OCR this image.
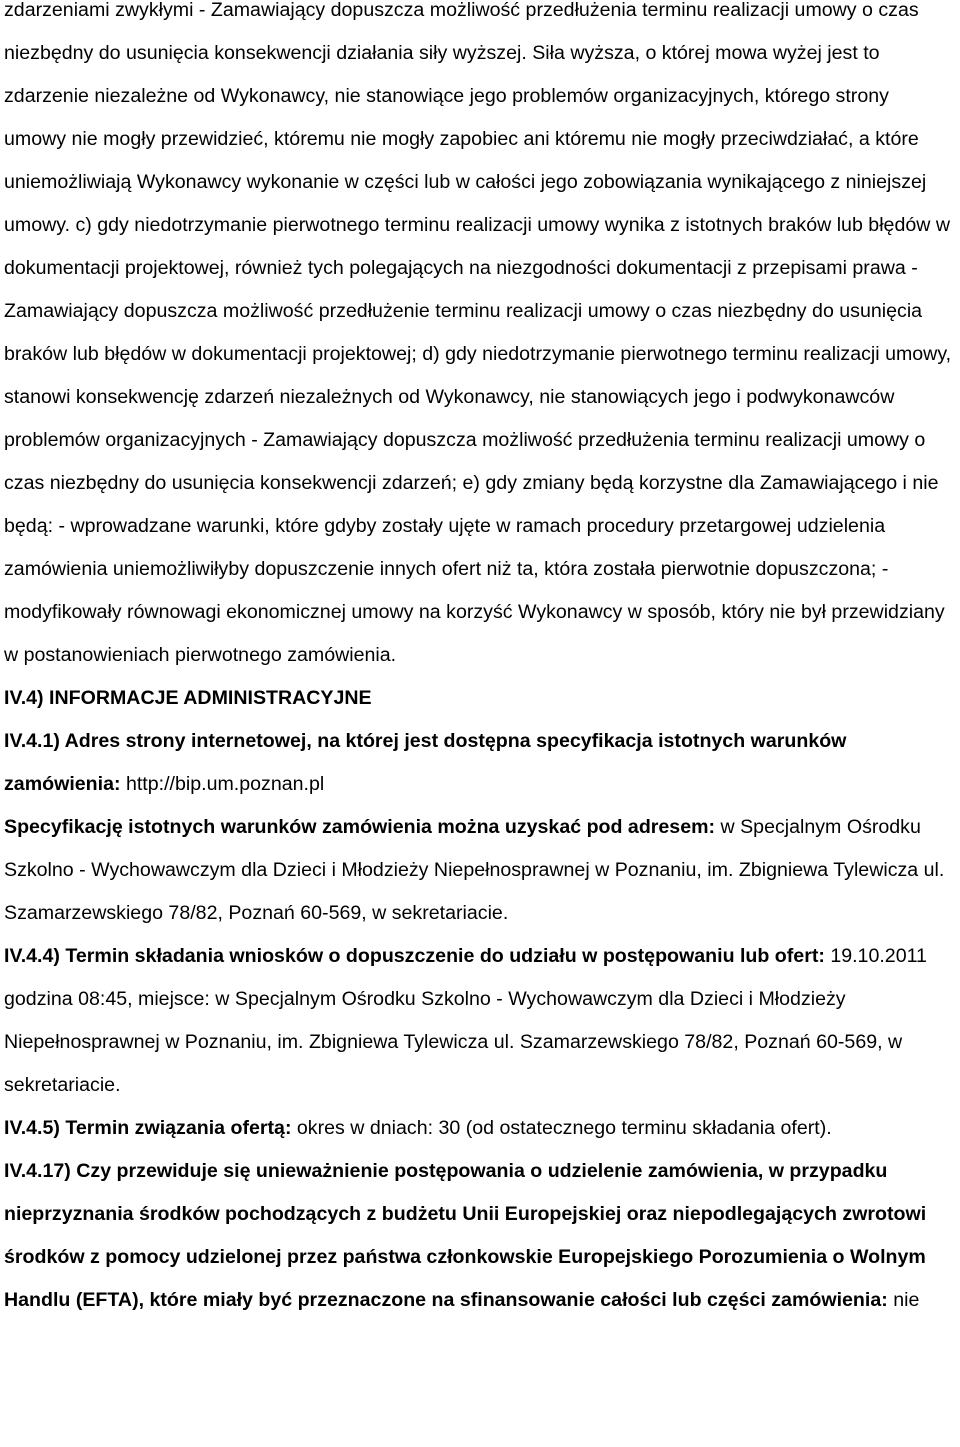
zdarzeniami zwykłymi - Zamawiający dopuszcza możliwość przedłużenia terminu realizacji umowy o czas niezbędny do usunięcia konsekwencji działania siły wyższej. Siła wyższa, o której mowa wyżej jest to zdarzenie niezależne od Wykonawcy, nie stanowiące jego problemów organizacyjnych, którego strony umowy nie mogły przewidzieć, któremu nie mogły zapobiec ani któremu nie mogły przeciwdziałać, a które uniemożliwiają Wykonawcy wykonanie w części lub w całości jego zobowiązania wynikającego z niniejszej umowy. c) gdy niedotrzymanie pierwotnego terminu realizacji umowy wynika z istotnych braków lub błędów w dokumentacji projektowej, również tych polegających na niezgodności dokumentacji z przepisami prawa - Zamawiający dopuszcza możliwość przedłużenie terminu realizacji umowy o czas niezbędny do usunięcia braków lub błędów w dokumentacji projektowej; d) gdy niedotrzymanie pierwotnego terminu realizacji umowy, stanowi konsekwencję zdarzeń niezależnych od Wykonawcy, nie stanowiących jego i podwykonawców problemów organizacyjnych - Zamawiający dopuszcza możliwość przedłużenia terminu realizacji umowy o czas niezbędny do usunięcia konsekwencji zdarzeń; e) gdy zmiany będą korzystne dla Zamawiającego i nie będą: - wprowadzane warunki, które gdyby zostały ujęte w ramach procedury przetargowej udzielenia zamówienia uniemożliwiłyby dopuszczenie innych ofert niż ta, która została pierwotnie dopuszczona; - modyfikowały równowagi ekonomicznej umowy na korzyść Wykonawcy w sposób, który nie był przewidziany w postanowieniach pierwotnego zamówienia.

IV.4) INFORMACJE ADMINISTRACYJNE

IV.4.1) Adres strony internetowej, na której jest dostępna specyfikacja istotnych warunków zamówienia: http://bip.um.poznan.pl

Specyfikację istotnych warunków zamówienia można uzyskać pod adresem: w Specjalnym Ośrodku Szkolno - Wychowawczym dla Dzieci i Młodzieży Niepełnosprawnej w Poznaniu, im. Zbigniewa Tylewicza ul. Szamarzewskiego 78/82, Poznań 60-569, w sekretariacie.

IV.4.4) Termin składania wniosków o dopuszczenie do udziału w postępowaniu lub ofert: 19.10.2011 godzina 08:45, miejsce: w Specjalnym Ośrodku Szkolno - Wychowawczym dla Dzieci i Młodzieży Niepełnosprawnej w Poznaniu, im. Zbigniewa Tylewicza ul. Szamarzewskiego 78/82, Poznań 60-569, w sekretariacie.

IV.4.5) Termin związania ofertą: okres w dniach: 30 (od ostatecznego terminu składania ofert).

IV.4.17) Czy przewiduje się unieważnienie postępowania o udzielenie zamówienia, w przypadku nieprzyznania środków pochodzących z budżetu Unii Europejskiej oraz niepodlegających zwrotowi środków z pomocy udzielonej przez państwa członkowskie Europejskiego Porozumienia o Wolnym Handlu (EFTA), które miały być przeznaczone na sfinansowanie całości lub części zamówienia: nie
